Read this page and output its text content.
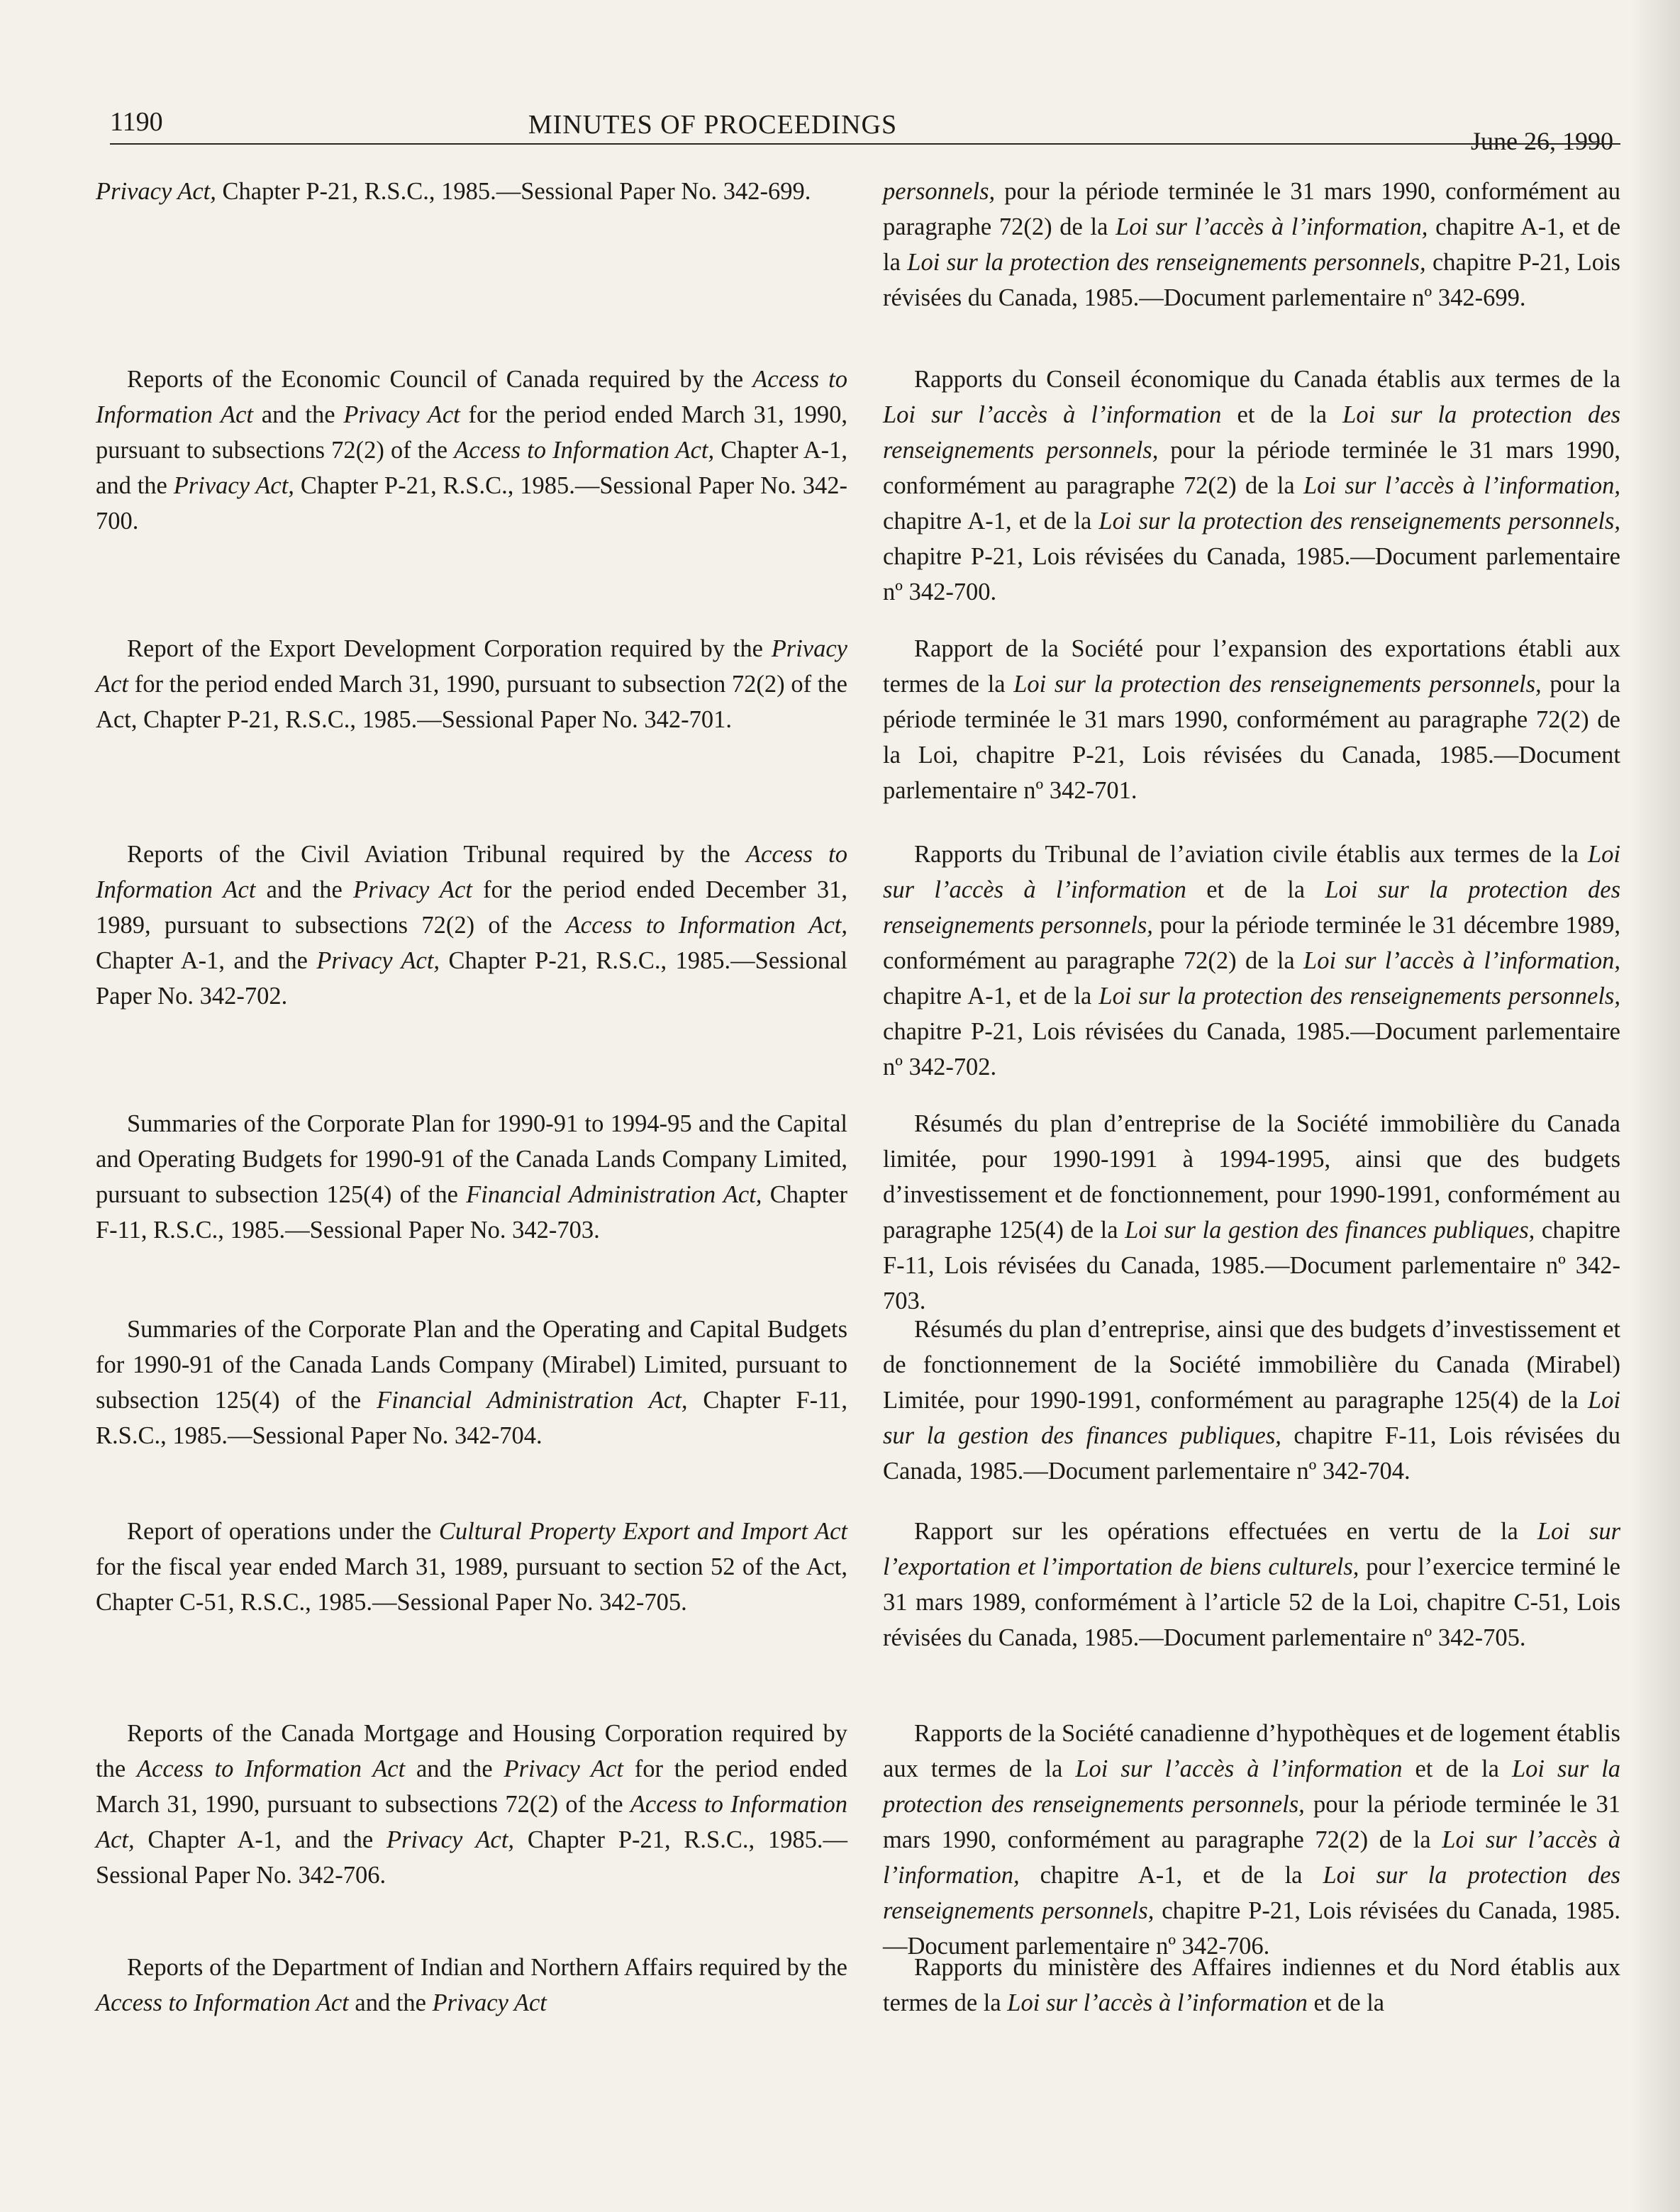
1190	MINUTES OF PROCEEDINGS
June 26, 1990

Privacy Act, Chapter P-21, R.S.C., 1985.—Sessional Paper No. 342-699.

Reports of the Economic Council of Canada required by the Access to Information Act and the Privacy Act for the period ended March 31, 1990, pursuant to subsections 72(2) of the Access to Information Act, Chapter A-1, and the Privacy Act, Chapter P-21, R.S.C., 1985.—Sessional Paper No. 342-700.

Report of the Export Development Corporation required by the Privacy Act for the period ended March 31, 1990, pursuant to subsection 72(2) of the Act, Chapter P-21, R.S.C., 1985.—Sessional Paper No. 342-701.

Reports of the Civil Aviation Tribunal required by the Access to Information Act and the Privacy Act for the period ended December 31, 1989, pursuant to subsections 72(2) of the Access to Information Act, Chapter A-1, and the Privacy Act, Chapter P-21, R.S.C., 1985.—Sessional Paper No. 342-702.

Summaries of the Corporate Plan for 1990-91 to 1994-95 and the Capital and Operating Budgets for 1990-91 of the Canada Lands Company Limited, pursuant to subsection 125(4) of the Financial Administration Act, Chapter F-11, R.S.C., 1985.—Sessional Paper No. 342-703.

Summaries of the Corporate Plan and the Operating and Capital Budgets for 1990-91 of the Canada Lands Company (Mirabel) Limited, pursuant to subsection 125(4) of the Financial Administration Act, Chapter F-11, R.S.C., 1985.—Sessional Paper No. 342-704.

Report of operations under the Cultural Property Export and Import Act for the fiscal year ended March 31, 1989, pursuant to section 52 of the Act, Chapter C-51, R.S.C., 1985.—Sessional Paper No. 342-705.

Reports of the Canada Mortgage and Housing Corporation required by the Access to Information Act and the Privacy Act for the period ended March 31, 1990, pursuant to subsections 72(2) of the Access to Information Act, Chapter A-1, and the Privacy Act, Chapter P-21, R.S.C., 1985.—Sessional Paper No. 342-706.

Reports of the Department of Indian and Northern Affairs required by the Access to Information Act and the Privacy Act

personnels, pour la période terminée le 31 mars 1990, conformément au paragraphe 72(2) de la Loi sur l’accès à l’information, chapitre A-1, et de la Loi sur la protection des renseignements personnels, chapitre P-21, Lois révisées du Canada, 1985.—Document parlementaire nº 342-699.

Rapports du Conseil économique du Canada établis aux termes de la Loi sur l’accès à l’information et de la Loi sur la protection des renseignements personnels, pour la période terminée le 31 mars 1990, conformément au paragraphe 72(2) de la Loi sur l’accès à l’information, chapitre A-1, et de la Loi sur la protection des renseignements personnels, chapitre P-21, Lois révisées du Canada, 1985.—Document parlementaire nº 342-700.

Rapport de la Société pour l’expansion des exportations établi aux termes de la Loi sur la protection des renseignements personnels, pour la période terminée le 31 mars 1990, conformément au paragraphe 72(2) de la Loi, chapitre P-21, Lois révisées du Canada, 1985.—Document parlementaire nº 342-701.

Rapports du Tribunal de l’aviation civile établis aux termes de la Loi sur l’accès à l’information et de la Loi sur la protection des renseignements personnels, pour la période terminée le 31 décembre 1989, conformément au paragraphe 72(2) de la Loi sur l’accès à l’information, chapitre A-1, et de la Loi sur la protection des renseignements personnels, chapitre P-21, Lois révisées du Canada, 1985.—Document parlementaire nº 342-702.

Résumés du plan d’entreprise de la Société immobilière du Canada limitée, pour 1990-1991 à 1994-1995, ainsi que des budgets d’investissement et de fonctionnement, pour 1990-1991, conformément au paragraphe 125(4) de la Loi sur la gestion des finances publiques, chapitre F-11, Lois révisées du Canada, 1985.—Document parlementaire nº 342-703.

Résumés du plan d’entreprise, ainsi que des budgets d’investissement et de fonctionnement de la Société immobilière du Canada (Mirabel) Limitée, pour 1990-1991, conformément au paragraphe 125(4) de la Loi sur la gestion des finances publiques, chapitre F-11, Lois révisées du Canada, 1985.—Document parlementaire nº 342-704.

Rapport sur les opérations effectuées en vertu de la Loi sur l’exportation et l’importation de biens culturels, pour l’exercice terminé le 31 mars 1989, conformément à l’article 52 de la Loi, chapitre C-51, Lois révisées du Canada, 1985.—Document parlementaire nº 342-705.

Rapports de la Société canadienne d’hypothèques et de logement établis aux termes de la Loi sur l’accès à l’information et de la Loi sur la protection des renseignements personnels, pour la période terminée le 31 mars 1990, conformément au paragraphe 72(2) de la Loi sur l’accès à l’information, chapitre A-1, et de la Loi sur la protection des renseignements personnels, chapitre P-21, Lois révisées du Canada, 1985.—Document parlementaire nº 342-706.

Rapports du ministère des Affaires indiennes et du Nord établis aux termes de la Loi sur l’accès à l’information et de la
